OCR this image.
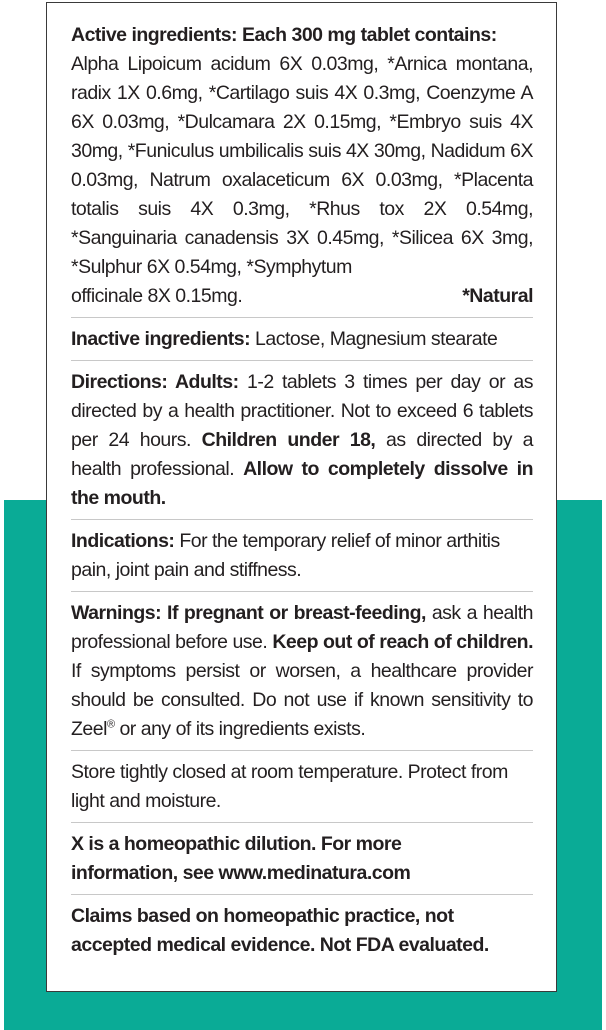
Active ingredients: Each 300 mg tablet contains:

Alpha Lipoicum acidum 6X 0.03mg, *Arnica montana, radix 1X 0.6mg, *Cartilago suis 4X 0.3mg, Coenzyme A 6X 0.03mg, *Dulcamara 2X 0.15mg, *Embryo suis 4X 30mg, *Funiculus umbilicalis suis 4X 30mg, Nadidum 6X 0.03mg, Natrum oxalaceticum 6X 0.03mg, *Placenta totalis suis 4X 0.3mg, *Rhus tox 2X 0.54mg, *Sanguinaria canadensis 3X 0.45mg, *Silicea 6X 3mg, *Sulphur 6X 0.54mg, *Symphytum

officinale 8X 0.15mg.	*Natural

Inactive ingredients: Lactose, Magnesium stearate

Directions: Adults: 1-2 tablets 3 times per day or as directed by a health practitioner. Not to exceed 6 tablets per 24 hours. Children under 18, as directed by a health professional. Allow to completely dissolve in the mouth.

Indications: For the temporary relief of minor arthitis pain, joint pain and stiffness.

Warnings: If pregnant or breast-feeding, ask a health professional before use. Keep out of reach of children. If symptoms persist or worsen, a healthcare provider should be consulted. Do not use if known sensitivity to Zeel® or any of its ingredients exists.

Store tightly closed at room temperature. Protect from light and moisture.

X is a homeopathic dilution. For more information, see www.medinatura.com

Claims based on homeopathic practice, not accepted medical evidence. Not FDA evaluated.
